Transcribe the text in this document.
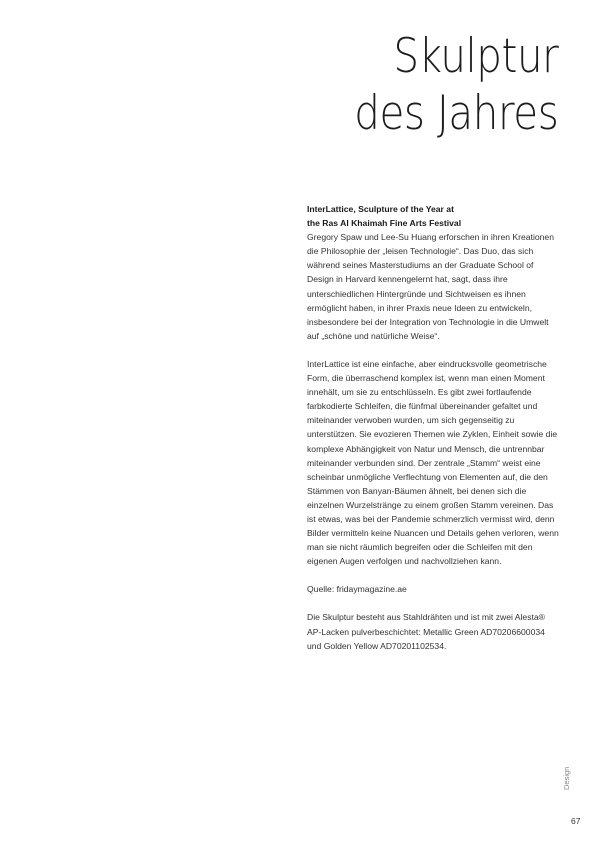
Skulptur
des Jahres
InterLattice, Sculpture of the Year at
the Ras Al Khaimah Fine Arts Festival

Gregory Spaw und Lee-Su Huang erforschen in ihren Kreationen die Philosophie der „leisen Technologie“. Das Duo, das sich während seines Masterstudiums an der Graduate School of Design in Harvard kennengelernt hat, sagt, dass ihre unterschiedlichen Hintergründe und Sichtweisen es ihnen ermöglicht haben, in ihrer Praxis neue Ideen zu entwickeln, insbesondere bei der Integration von Technologie in die Umwelt auf „schöne und natürliche Weise“.

InterLattice ist eine einfache, aber eindrucksvolle geometrische Form, die überraschend komplex ist, wenn man einen Moment innehält, um sie zu entschlüsseln. Es gibt zwei fortlaufende farbkodierte Schleifen, die fünfmal übereinander gefaltet und miteinander verwoben wurden, um sich gegenseitig zu unterstützen. Sie evozieren Themen wie Zyklen, Einheit sowie die komplexe Abhängigkeit von Natur und Mensch, die untrennbar miteinander verbunden sind. Der zentrale „Stamm“ weist eine scheinbar unmögliche Verflechtung von Elementen auf, die den Stämmen von Banyan-Bäumen ähnelt, bei denen sich die einzelnen Wurzelstränge zu einem großen Stamm vereinen. Das ist etwas, was bei der Pandemie schmerzlich vermisst wird, denn Bilder vermitteln keine Nuancen und Details gehen verloren, wenn man sie nicht räumlich begreifen oder die Schleifen mit den eigenen Augen verfolgen und nachvollziehen kann.

Quelle: fridaymagazine.ae

Die Skulptur besteht aus Stahldrähten und ist mit zwei Alesta® AP-Lacken pulverbeschichtet: Metallic Green AD70206600034 und Golden Yellow AD70201102534.

Design
67
